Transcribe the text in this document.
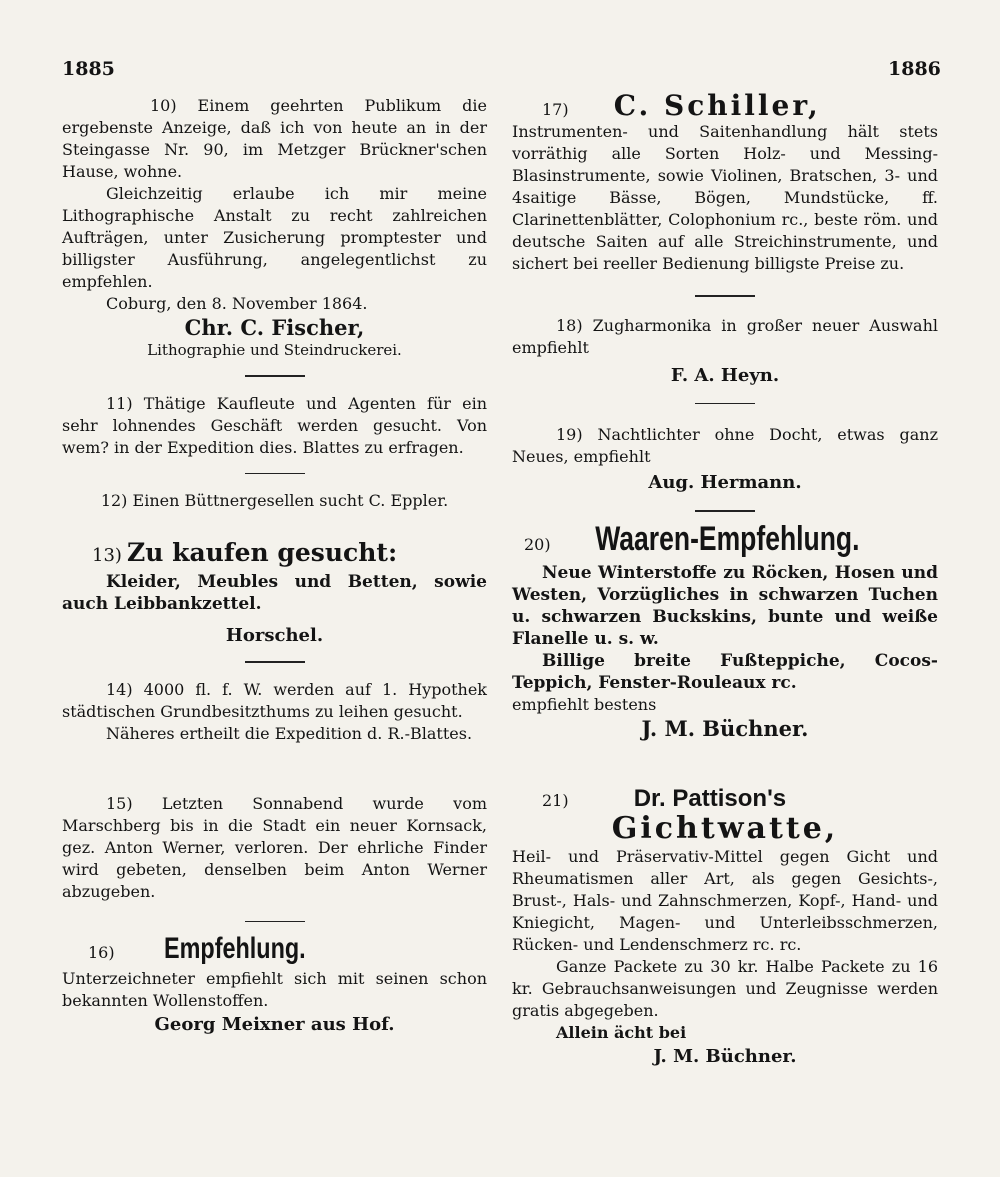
1885	1886

10) Einem geehrten Publikum die ergebenste Anzeige, daß ich von heute an in der Steingasse Nr. 90, im Metzger Brückner'schen Hause, wohne.

Gleichzeitig erlaube ich mir meine Lithographische Anstalt zu recht zahlreichen Aufträgen, unter Zusicherung promptester und billigster Ausführung, angelegentlichst zu empfehlen.

Coburg, den 8. November 1864.

Chr. C. Fischer,
Lithographie und Steindruckerei.

11) Thätige Kaufleute und Agenten für ein sehr lohnendes Geschäft werden gesucht. Von wem? in der Expedition dies. Blattes zu erfragen.

12) Einen Büttnergesellen sucht C. Eppler.

13) Zu kaufen gesucht:

Kleider, Meubles und Betten, sowie auch Leibbankzettel.

Horschel.

14) 4000 fl. f. W. werden auf 1. Hypothek städtischen Grundbesitzthums zu leihen gesucht.

Näheres ertheilt die Expedition d. R.-Blattes.

15) Letzten Sonnabend wurde vom Marschberg bis in die Stadt ein neuer Kornsack, gez. Anton Werner, verloren. Der ehrliche Finder wird gebeten, denselben beim Anton Werner abzugeben.

16) Empfehlung.

Unterzeichneter empfiehlt sich mit seinen schon bekannten Wollenstoffen.

Georg Meixner aus Hof.

17) C. Schiller,

Instrumenten- und Saitenhandlung hält stets vorräthig alle Sorten Holz- und Messing-Blasinstrumente, sowie Violinen, Bratschen, 3- und 4saitige Bässe, Bögen, Mundstücke, ff. Clarinettenblätter, Colophonium rc., beste röm. und deutsche Saiten auf alle Streichinstrumente, und sichert bei reeller Bedienung billigste Preise zu.

18) Zugharmonika in großer neuer Auswahl empfiehlt

F. A. Heyn.

19) Nachtlichter ohne Docht, etwas ganz Neues, empfiehlt

Aug. Hermann.

20) Waaren-Empfehlung.

Neue Winterstoffe zu Röcken, Hosen und Westen, Vorzügliches in schwarzen Tuchen u. schwarzen Buckskins, bunte und weiße Flanelle u. s. w.

Billige breite Fußteppiche, Cocos-Teppich, Fenster-Rouleaux rc.

empfiehlt bestens

J. M. Büchner.

21)	Dr. Pattison's

Gichtwatte,

Heil- und Präservativ-Mittel gegen Gicht und Rheumatismen aller Art, als gegen Gesichts-, Brust-, Hals- und Zahnschmerzen, Kopf-, Hand- und Kniegicht, Magen- und Unterleibsschmerzen, Rücken- und Lendenschmerz rc. rc.

Ganze Packete zu 30 kr. Halbe Packete zu 16 kr. Gebrauchsanweisungen und Zeugnisse werden gratis abgegeben.

Allein ächt bei

J. M. Büchner.
